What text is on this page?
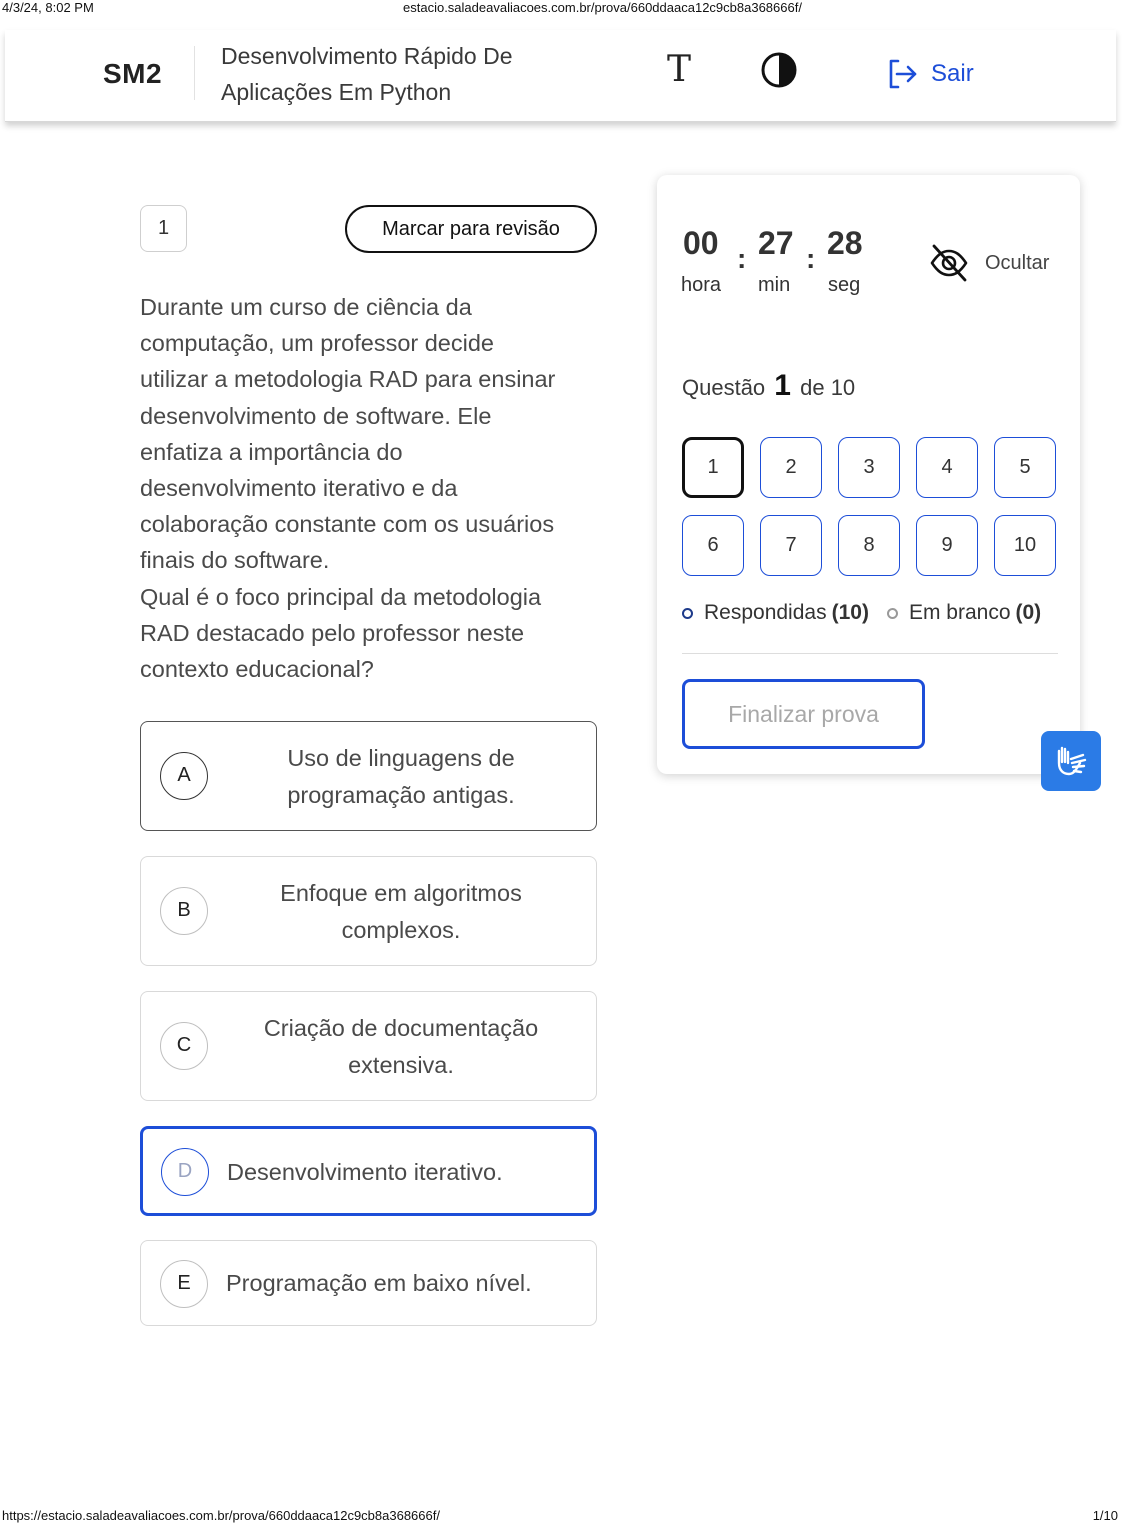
4/3/24, 8:02 PM	estacio.saladeavaliacoes.com.br/prova/660ddaaca12c9cb8a368666f/
SM2
Desenvolvimento Rápido De
Aplicações Em Python
T	Sair
1	Marcar para revisão
Durante um curso de ciência da
computação, um professor decide
utilizar a metodologia RAD para ensinar
desenvolvimento de software. Ele
enfatiza a importância do
desenvolvimento iterativo e da
colaboração constante com os usuários
finais do software.
Qual é o foco principal da metodologia
RAD destacado pelo professor neste
contexto educacional?
A
Uso de linguagens de
programação antigas.
B
Enfoque em algoritmos
complexos.
C
Criação de documentação
extensiva.
D	Desenvolvimento iterativo.
E	Programação em baixo nível.
00 : 27 : 28
hora min seg
Ocultar
Questão 1 de 10
1	2	3	4	5
6	7	8	9	10
Respondidas (10) Em branco (0)
Finalizar prova
https://estacio.saladeavaliacoes.com.br/prova/660ddaaca12c9cb8a368666f/	1/10
